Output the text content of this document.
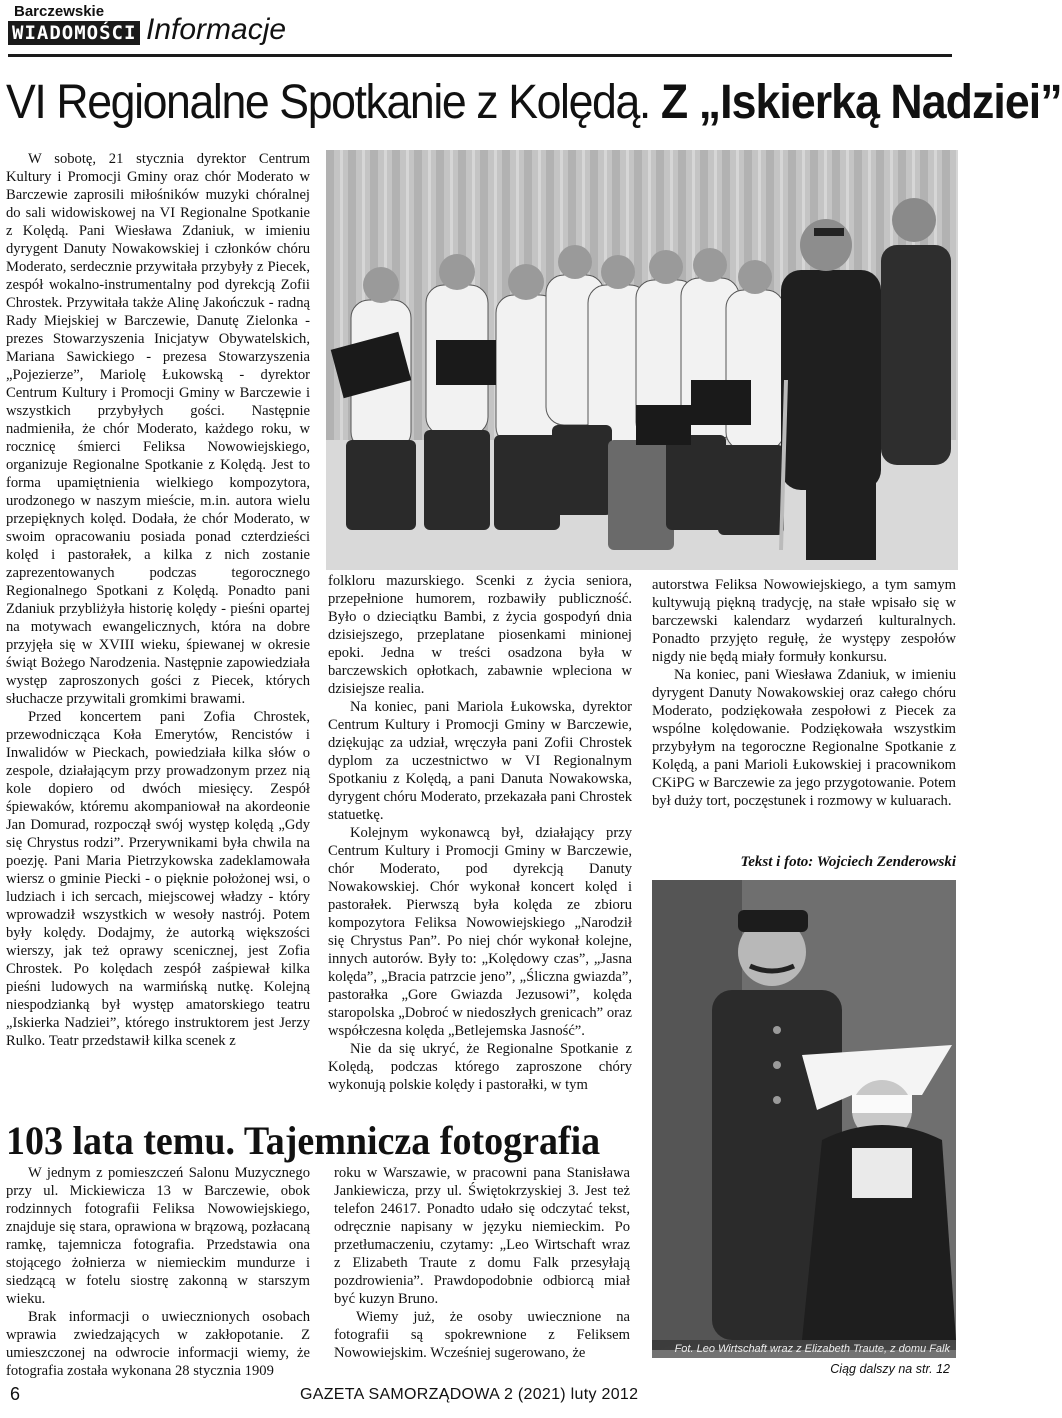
Barczewskie
WIADOMOŚCI Informacje
VI Regionalne Spotkanie z Kolędą. Z „Iskierką Nadziei”

W sobotę, 21 stycznia dyrektor Centrum Kultury i Promocji Gminy oraz chór Moderato w Barczewie zaprosili miłośników muzyki chóralnej do sali widowiskowej na VI Regionalne Spotkanie z Kolędą. Pani Wiesława Zdaniuk, w imieniu dyrygent Danuty Nowakowskiej i członków chóru Moderato, serdecznie przywitała przybyły z Piecek, zespół wokalno-instrumentalny pod dyrekcją Zofii Chrostek. Przywitała także Alinę Jakończuk - radną Rady Miejskiej w Barczewie, Danutę Zielonka - prezes Stowarzyszenia Inicjatyw Obywatelskich, Mariana Sawickiego - prezesa Stowarzyszenia „Pojezierze”, Mariolę Łukowską - dyrektor Centrum Kultury i Promocji Gminy w Barczewie i wszystkich przybyłych gości. Następnie nadmieniła, że chór Moderato, każdego roku, w rocznicę śmierci Feliksa Nowowiejskiego, organizuje Regionalne Spotkanie z Kolędą. Jest to forma upamiętnienia wielkiego kompozytora, urodzonego w naszym mieście, m.in. autora wielu przepięknych kolęd. Dodała, że chór Moderato, w swoim opracowaniu posiada ponad czterdzieści kolęd i pastorałek, a kilka z nich zostanie zaprezentowanych podczas tegorocznego Regionalnego Spotkani z Kolędą. Ponadto pani Zdaniuk przybliżyła historię kolędy - pieśni opartej na motywach ewangelicznych, która na dobre przyjęła się w XVIII wieku, śpiewanej w okresie świąt Bożego Narodzenia. Następnie zapowiedziała występ zaproszonych gości z Piecek, których słuchacze przywitali gromkimi brawami.

Przed koncertem pani Zofia Chrostek, przewodnicząca Koła Emerytów, Rencistów i Inwalidów w Pieckach, powiedziała kilka słów o zespole, działającym przy prowadzonym przez nią kole dopiero od dwóch miesięcy. Zespół śpiewaków, któremu akompaniował na akordeonie Jan Domurad, rozpoczął swój występ kolędą „Gdy się Chrystus rodzi”. Przerywnikami była chwila na poezję. Pani Maria Pietrzykowska zadeklamowała wiersz o gminie Piecki - o pięknie położonej wsi, o ludziach i ich sercach, miejscowej władzy - który wprowadził wszystkich w wesoły nastrój. Potem były kolędy. Dodajmy, że autorką większości wierszy, jak też oprawy scenicznej, jest Zofia Chrostek. Po kolędach zespół zaśpiewał kilka pieśni ludowych na warmińską nutkę. Kolejną niespodzianką był występ amatorskiego teatru „Iskierka Nadziei”, którego instruktorem jest Jerzy Rulko. Teatr przedstawił kilka scenek z

folkloru mazurskiego. Scenki z życia seniora, przepełnione humorem, rozbawiły publiczność. Było o dzieciątku Bambi, z życia gospodyń dnia dzisiejszego, przeplatane piosenkami minionej epoki. Jedna w treści osadzona była w barczewskich opłotkach, zabawnie wpleciona w dzisiejsze realia.

Na koniec, pani Mariola Łukowska, dyrektor Centrum Kultury i Promocji Gminy w Barczewie, dziękując za udział, wręczyła pani Zofii Chrostek dyplom za uczestnictwo w VI Regionalnym Spotkaniu z Kolędą, a pani Danuta Nowakowska, dyrygent chóru Moderato, przekazała pani Chrostek statuetkę.

Kolejnym wykonawcą był, działający przy Centrum Kultury i Promocji Gminy w Barczewie, chór Moderato, pod dyrekcją Danuty Nowakowskiej. Chór wykonał koncert kolęd i pastorałek. Pierwszą była kolęda ze zbioru kompozytora Feliksa Nowowiejskiego „Narodził się Chrystus Pan”. Po niej chór wykonał kolejne, innych autorów. Były to: „Kolędowy czas”, „Jasna kolęda”, „Bracia patrzcie jeno”, „Śliczna gwiazda”, pastorałka „Gore Gwiazda Jezusowi”, kolęda staropolska „Dobroć w niedoszłych grenicach” oraz współczesna kolęda „Betlejemska Jasność”.

Nie da się ukryć, że Regionalne Spotkanie z Kolędą, podczas którego zaproszone chóry wykonują polskie kolędy i pastorałki, w tym

autorstwa Feliksa Nowowiejskiego, a tym samym kultywują piękną tradycję, na stałe wpisało się w barczewski kalendarz wydarzeń kulturalnych. Ponadto przyjęto regułę, że występy zespołów nigdy nie będą miały formuły konkursu.

Na koniec, pani Wiesława Zdaniuk, w imieniu dyrygent Danuty Nowakowskiej oraz całego chóru Moderato, podziękowała zespołowi z Piecek za wspólne kolędowanie. Podziękowała wszystkim przybyłym na tegoroczne Regionalne Spotkanie z Kolędą, a pani Marioli Łukowskiej i pracownikom CKiPG w Barczewie za jego przygotowanie. Potem był duży tort, poczęstunek i rozmowy w kuluarach.

Tekst i foto: Wojciech Zenderowski
Fot. Leo Wirtschaft wraz z Elizabeth Traute, z domu Falk
Ciąg dalszy na str. 12
103 lata temu. Tajemnicza fotografia

W jednym z pomieszczeń Salonu Muzycznego przy ul. Mickiewicza 13 w Barczewie, obok rodzinnych fotografii Feliksa Nowowiejskiego, znajduje się stara, oprawiona w brązową, pozłacaną ramkę, tajemnicza fotografia. Przedstawia ona stojącego żołnierza w niemieckim mundurze i siedzącą w fotelu siostrę zakonną w starszym wieku.

Brak informacji o uwiecznionych osobach wprawia zwiedzających w zakłopotanie. Z umieszczonej na odwrocie informacji wiemy, że fotografia została wykonana 28 stycznia 1909

roku w Warszawie, w pracowni pana Stanisława Jankiewicza, przy ul. Świętokrzyskiej 3. Jest też telefon 24617. Ponadto udało się odczytać tekst, odręcznie napisany w języku niemieckim. Po przetłumaczeniu, czytamy: „Leo Wirtschaft wraz z Elizabeth Traute z domu Falk przesyłają pozdrowienia”. Prawdopodobnie odbiorcą miał być kuzyn Bruno.

Wiemy już, że osoby uwiecznione na fotografii są spokrewnione z Feliksem Nowowiejskim. Wcześniej sugerowano, że

6	GAZETA SAMORZĄDOWA 2 (2021) luty 2012
